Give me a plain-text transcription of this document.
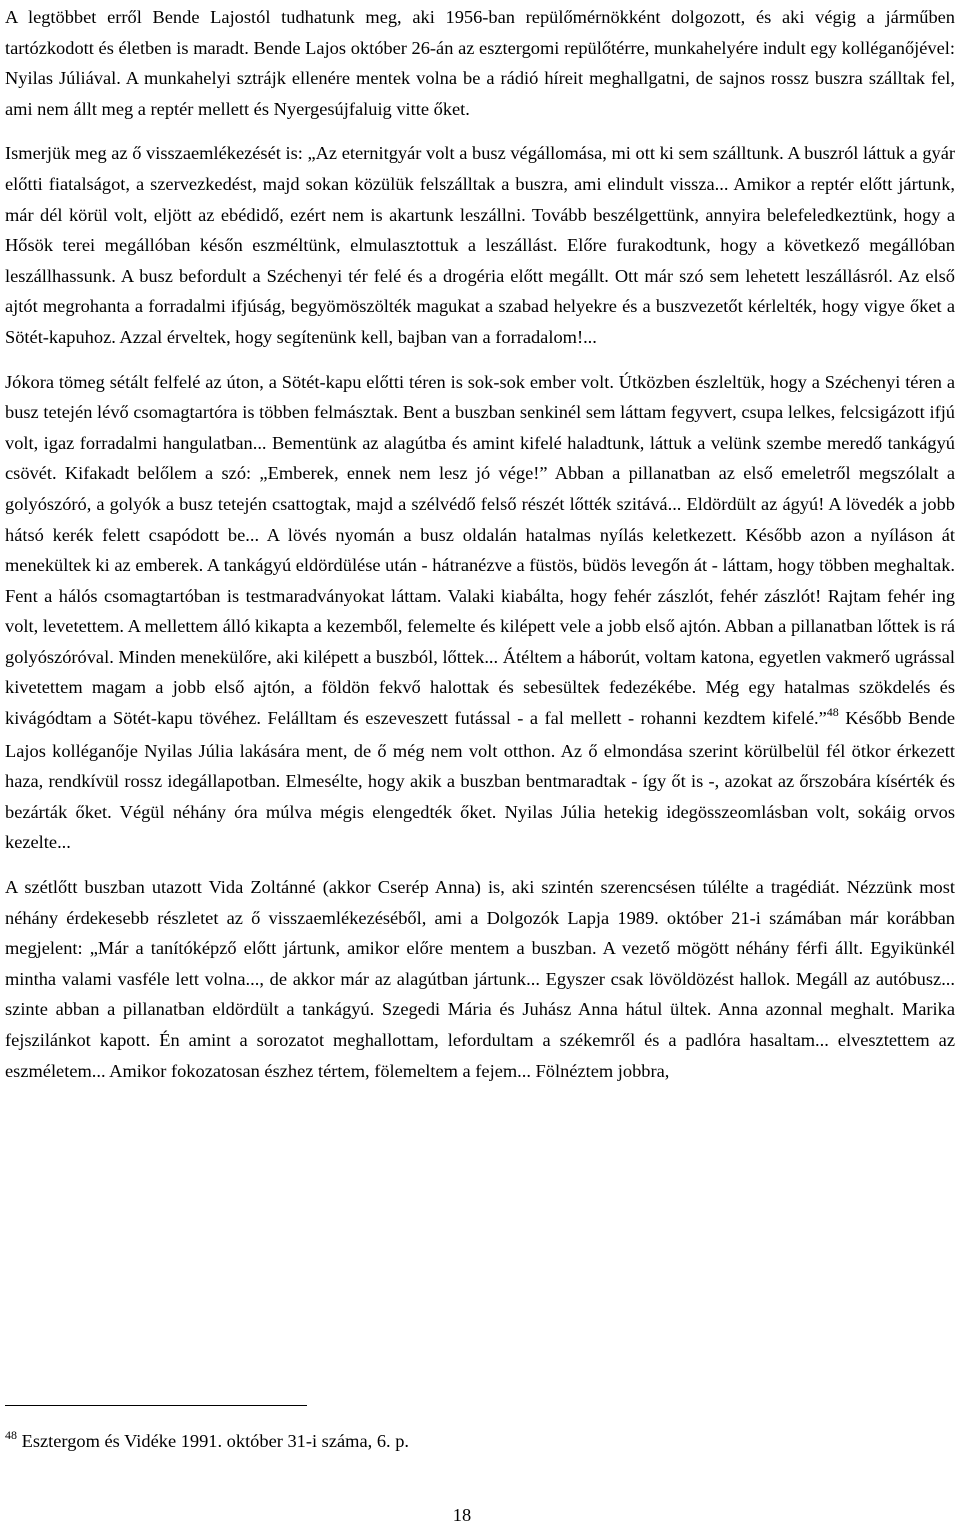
A legtöbbet erről Bende Lajostól tudhatunk meg, aki 1956-ban repülőmérnökként dolgozott, és aki végig a járműben tartózkodott és életben is maradt. Bende Lajos október 26-án az esztergomi repülőtérre, munkahelyére indult egy kolléganőjével: Nyilas Júliával. A munkahelyi sztrájk ellenére mentek volna be a rádió híreit meghallgatni, de sajnos rossz buszra szálltak fel, ami nem állt meg a reptér mellett és Nyergesújfaluig vitte őket.

Ismerjük meg az ő visszaemlékezését is: „Az eternitgyár volt a busz végállomása, mi ott ki sem szálltunk. A buszról láttuk a gyár előtti fiatalságot, a szervezkedést, majd sokan közülük felszálltak a buszra, ami elindult vissza... Amikor a reptér előtt jártunk, már dél körül volt, eljött az ebédidő, ezért nem is akartunk leszállni. Tovább beszélgettünk, annyira belefeledkeztünk, hogy a Hősök terei megállóban későn eszméltünk, elmulasztottuk a leszállást. Előre furakodtunk, hogy a következő megállóban leszállhassunk. A busz befordult a Széchenyi tér felé és a drogéria előtt megállt. Ott már szó sem lehetett leszállásról. Az első ajtót megrohanta a forradalmi ifjúság, begyömöszölték magukat a szabad helyekre és a buszvezetőt kérlelték, hogy vigye őket a Sötét-kapuhoz. Azzal érveltek, hogy segítenünk kell, bajban van a forradalom!...

Jókora tömeg sétált felfelé az úton, a Sötét-kapu előtti téren is sok-sok ember volt. Útközben észleltük, hogy a Széchenyi téren a busz tetején lévő csomagtartóra is többen felmásztak. Bent a buszban senkinél sem láttam fegyvert, csupa lelkes, felcsigázott ifjú volt, igaz forradalmi hangulatban... Bementünk az alagútba és amint kifelé haladtunk, láttuk a velünk szembe meredő tankágyú csövét. Kifakadt belőlem a szó: „Emberek, ennek nem lesz jó vége!” Abban a pillanatban az első emeletről megszólalt a golyószóró, a golyók a busz tetején csattogtak, majd a szélvédő felső részét lőtték szitává... Eldördült az ágyú! A lövedék a jobb hátsó kerék felett csapódott be... A lövés nyomán a busz oldalán hatalmas nyílás keletkezett. Később azon a nyíláson át menekültek ki az emberek. A tankágyú eldördülése után - hátranézve a füstös, büdös levegőn át - láttam, hogy többen meghaltak. Fent a hálós csomagtartóban is testmaradványokat láttam. Valaki kiabálta, hogy fehér zászlót, fehér zászlót! Rajtam fehér ing volt, levetettem. A mellettem álló kikapta a kezemből, felemelte és kilépett vele a jobb első ajtón. Abban a pillanatban lőttek is rá golyószóróval. Minden menekülőre, aki kilépett a buszból, lőttek... Átéltem a háborút, voltam katona, egyetlen vakmerő ugrással kivetettem magam a jobb első ajtón, a földön fekvő halottak és sebesültek fedezékébe. Még egy hatalmas szökdelés és kivágódtam a Sötét-kapu tövéhez. Felálltam és eszeveszett futással - a fal mellett - rohanni kezdtem kifelé.”$^{48}$ Később Bende Lajos kolléganője Nyilas Júlia lakására ment, de ő még nem volt otthon. Az ő elmondása szerint körülbelül fél ötkor érkezett haza, rendkívül rossz idegállapotban. Elmesélte, hogy akik a buszban bentmaradtak - így őt is -, azokat az őrszobára kísérték és bezárták őket. Végül néhány óra múlva mégis elengedték őket. Nyilas Júlia hetekig idegösszeomlásban volt, sokáig orvos kezelte...

A szétlőtt buszban utazott Vida Zoltánné (akkor Cserép Anna) is, aki szintén szerencsésen túlélte a tragédiát. Nézzünk most néhány érdekesebb részletet az ő visszaemlékezéséből, ami a Dolgozók Lapja 1989. október 21-i számában már korábban megjelent: „Már a tanítóképző előtt jártunk, amikor előre mentem a buszban. A vezető mögött néhány férfi állt. Egyikünkél mintha valami vasféle lett volna..., de akkor már az alagútban jártunk... Egyszer csak lövöldözést hallok. Megáll az autóbusz... szinte abban a pillanatban eldördült a tankágyú. Szegedi Mária és Juhász Anna hátul ültek. Anna azonnal meghalt. Marika fejszilánkot kapott. Én amint a sorozatot meghallottam, lefordultam a székemről és a padlóra hasaltam... elvesztettem az eszméletem... Amikor fokozatosan észhez tértem, fölemeltem a fejem... Fölnéztem jobbra,

$^{48}$ Esztergom és Vidéke 1991. október 31-i száma, 6. p.

18
